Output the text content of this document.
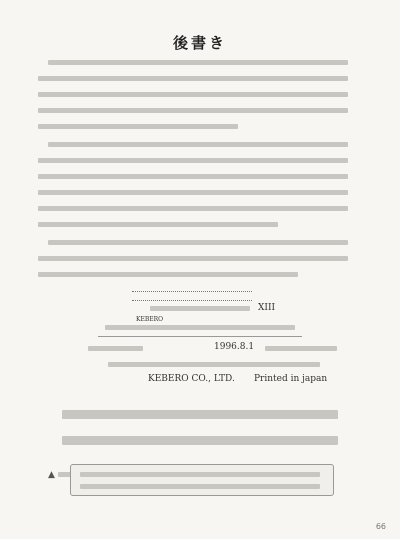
後書き
XIII
KEBERO
1996.8.1
KEBERO CO., LTD. Printed in japan
▲
66
